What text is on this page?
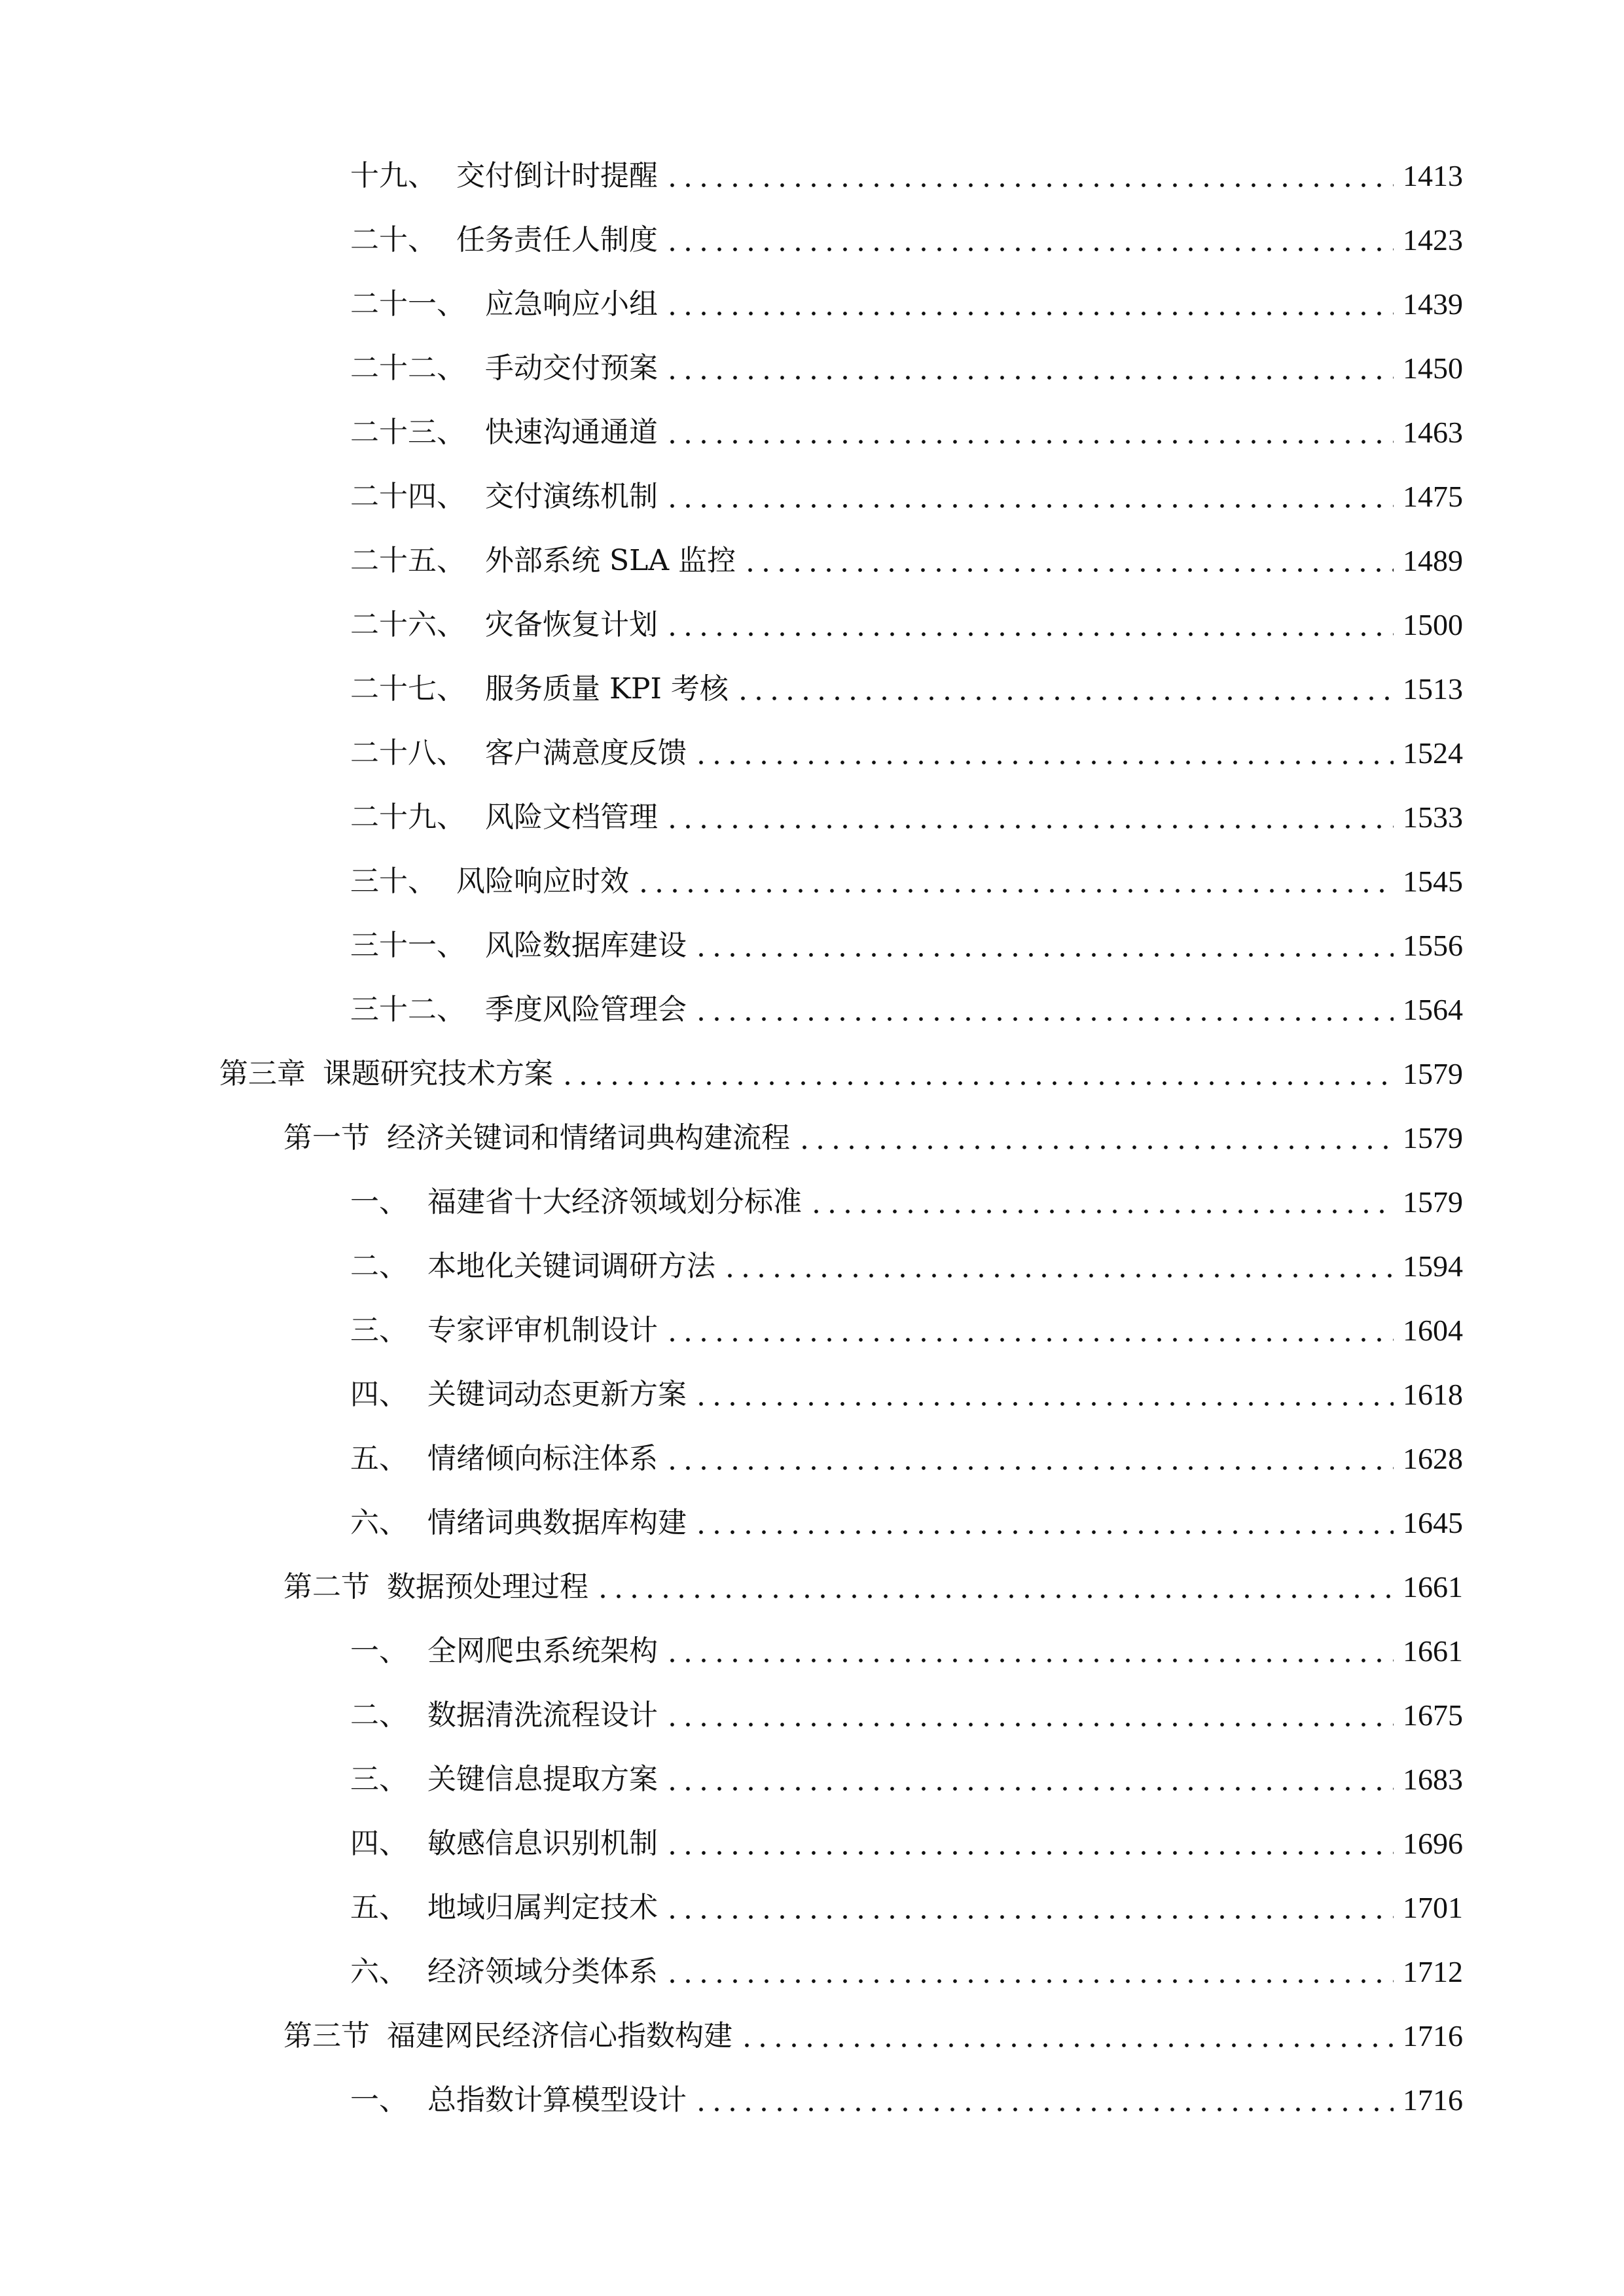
十九、 交付倒计时提醒	1413
二十、 任务责任人制度	1423
二十一、 应急响应小组	1439
二十二、 手动交付预案	1450
二十三、 快速沟通通道	1463
二十四、 交付演练机制	1475
二十五、 外部系统 SLA 监控	1489
二十六、 灾备恢复计划	1500
二十七、 服务质量 KPI 考核	1513
二十八、 客户满意度反馈	1524
二十九、 风险文档管理	1533
三十、 风险响应时效	1545
三十一、 风险数据库建设	1556
三十二、 季度风险管理会	1564
第三章 课题研究技术方案	1579
第一节 经济关键词和情绪词典构建流程	1579
一、 福建省十大经济领域划分标准	1579
二、 本地化关键词调研方法	1594
三、 专家评审机制设计	1604
四、 关键词动态更新方案	1618
五、 情绪倾向标注体系	1628
六、 情绪词典数据库构建	1645
第二节 数据预处理过程	1661
一、 全网爬虫系统架构	1661
二、 数据清洗流程设计	1675
三、 关键信息提取方案	1683
四、 敏感信息识别机制	1696
五、 地域归属判定技术	1701
六、 经济领域分类体系	1712
第三节 福建网民经济信心指数构建	1716
一、 总指数计算模型设计	1716
